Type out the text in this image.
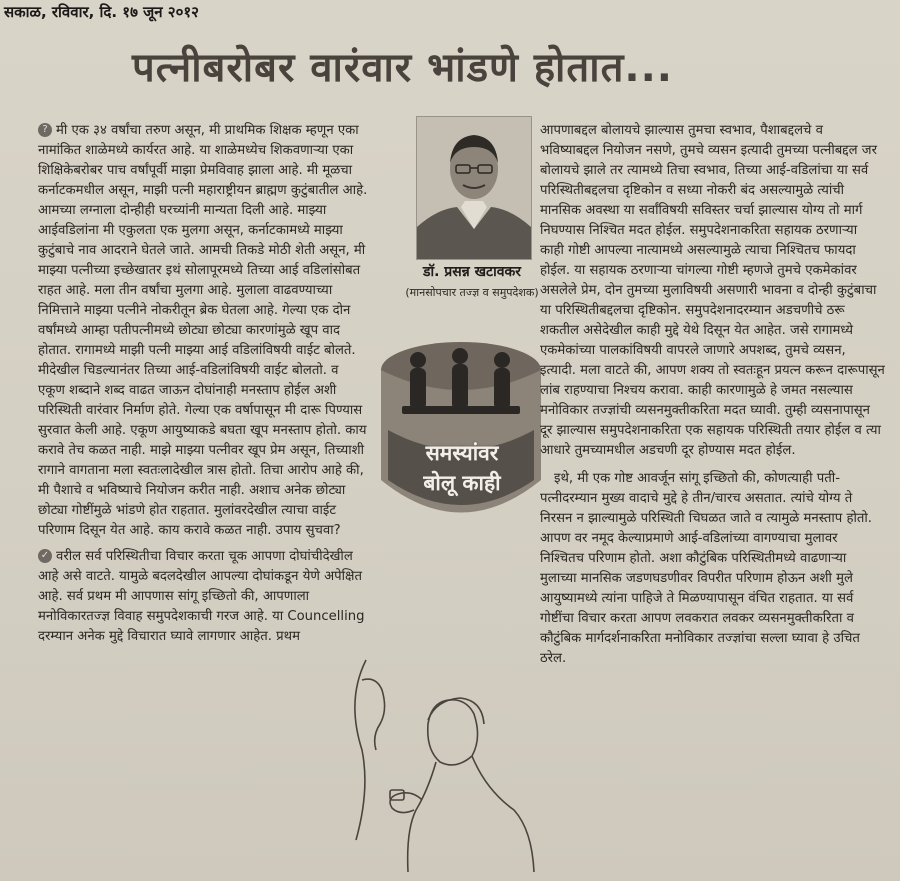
सकाळ, रविवार, दि. १७ जून २०१२
पत्नीबरोबर वारंवार भांडणे होतात...

? मी एक ३४ वर्षांचा तरुण असून, मी प्राथमिक शिक्षक म्हणून एका नामांकित शाळेमध्ये कार्यरत आहे. या शाळेमध्येच शिकवणाऱ्या एका शिक्षिकेबरोबर पाच वर्षांपूर्वी माझा प्रेमविवाह झाला आहे. मी मूळचा कर्नाटकमधील असून, माझी पत्नी महाराष्ट्रीयन ब्राह्मण कुटुंबातील आहे. आमच्या लग्नाला दोन्हीही घरच्यांनी मान्यता दिली आहे. माझ्या आईवडिलांना मी एकुलता एक मुलगा असून, कर्नाटकामध्ये माझ्या कुटुंबाचे नाव आदराने घेतले जाते. आमची तिकडे मोठी शेती असून, मी माझ्या पत्नीच्या इच्छेखातर इथं सोलापूरमध्ये तिच्या आई वडिलांसोबत राहत आहे. मला तीन वर्षांचा मुलगा आहे. मुलाला वाढवण्याच्या निमित्ताने माझ्या पत्नीने नोकरीतून ब्रेक घेतला आहे. गेल्या एक दोन वर्षांमध्ये आम्हा पतीपत्नीमध्ये छोट्या छोट्या कारणांमुळे खूप वाद होतात. रागामध्ये माझी पत्नी माझ्या आई वडिलांविषयी वाईट बोलते. मीदेखील चिडल्यानंतर तिच्या आई-वडिलांविषयी वाईट बोलतो. व एकूण शब्दाने शब्द वाढत जाऊन दोघांनाही मनस्ताप होईल अशी परिस्थिती वारंवार निर्माण होते. गेल्या एक वर्षापासून मी दारू पिण्यास सुरवात केली आहे. एकूण आयुष्याकडे बघता खूप मनस्ताप होतो. काय करावे तेच कळत नाही. माझे माझ्या पत्नीवर खूप प्रेम असून, तिच्याशी रागाने वागताना मला स्वतःलादेखील त्रास होतो. तिचा आरोप आहे की, मी पैशाचे व भविष्याचे नियोजन करीत नाही. अशाच अनेक छोट्या छोट्या गोष्टींमुळे भांडणे होत राहतात. मुलांवरदेखील त्याचा वाईट परिणाम दिसून येत आहे. काय करावे कळत नाही. उपाय सुचवा?

✓ वरील सर्व परिस्थितीचा विचार करता चूक आपणा दोघांचीदेखील आहे असे वाटते. यामुळे बदलदेखील आपल्या दोघांकडून येणे अपेक्षित आहे. सर्व प्रथम मी आपणास सांगू इच्छितो की, आपणाला मनोविकारतज्ज्ञ विवाह समुपदेशकाची गरज आहे. या Councelling दरम्यान अनेक मुद्दे विचारात घ्यावे लागणार आहेत. प्रथम

डॉ. प्रसन्न खटावकर
(मानसोपचार तज्ज्ञ व समुपदेशक)
समस्यांवर
बोलू काही

आपणाबद्दल बोलायचे झाल्यास तुमचा स्वभाव, पैशाबद्दलचे व भविष्याबद्दल नियोजन नसणे, तुमचे व्यसन इत्यादी तुमच्या पत्नीबद्दल जर बोलायचे झाले तर त्यामध्ये तिचा स्वभाव, तिच्या आई-वडिलांचा या सर्व परिस्थितीबद्दलचा दृष्टिकोन व सध्या नोकरी बंद असल्यामुळे त्यांची मानसिक अवस्था या सर्वांविषयी सविस्तर चर्चा झाल्यास योग्य तो मार्ग निघण्यास निश्चित मदत होईल. समुपदेशनाकरिता सहायक ठरणाऱ्या काही गोष्टी आपल्या नात्यामध्ये असल्यामुळे त्याचा निश्चितच फायदा होईल. या सहायक ठरणाऱ्या चांगल्या गोष्टी म्हणजे तुमचे एकमेकांवर असलेले प्रेम, दोन तुमच्या मुलाविषयी असणारी भावना व दोन्ही कुटुंबाचा या परिस्थितीबद्दलचा दृष्टिकोन. समुपदेशनादरम्यान अडचणीचे ठरू शकतील असेदेखील काही मुद्दे येथे दिसून येत आहेत. जसे रागामध्ये एकमेकांच्या पालकांविषयी वापरले जाणारे अपशब्द, तुमचे व्यसन, इत्यादी. मला वाटते की, आपण शक्य तो स्वतःहून प्रयत्न करून दारूपासून लांब राहण्याचा निश्चय करावा. काही कारणामुळे हे जमत नसल्यास मनोविकार तज्ज्ञांची व्यसनमुक्तीकरिता मदत घ्यावी. तुम्ही व्यसनापासून दूर झाल्यास समुपदेशनाकरिता एक सहायक परिस्थिती तयार होईल व त्या आधारे तुमच्यामधील अडचणी दूर होण्यास मदत होईल.

इथे, मी एक गोष्ट आवर्जून सांगू इच्छितो की, कोणत्याही पती-पत्नीदरम्यान मुख्य वादाचे मुद्दे हे तीन/चारच असतात. त्यांचे योग्य ते निरसन न झाल्यामुळे परिस्थिती चिघळत जाते व त्यामुळे मनस्ताप होतो. आपण वर नमूद केल्याप्रमाणे आई-वडिलांच्या वागण्याचा मुलावर निश्चितच परिणाम होतो. अशा कौटुंबिक परिस्थितीमध्ये वाढणाऱ्या मुलाच्या मानसिक जडणघडणीवर विपरीत परिणाम होऊन अशी मुले आयुष्यामध्ये त्यांना पाहिजे ते मिळण्यापासून वंचित राहतात. या सर्व गोष्टींचा विचार करता आपण लवकरात लवकर व्यसनमुक्तीकरिता व कौटुंबिक मार्गदर्शनाकरिता मनोविकार तज्ज्ञांचा सल्ला घ्यावा हे उचित ठरेल.
